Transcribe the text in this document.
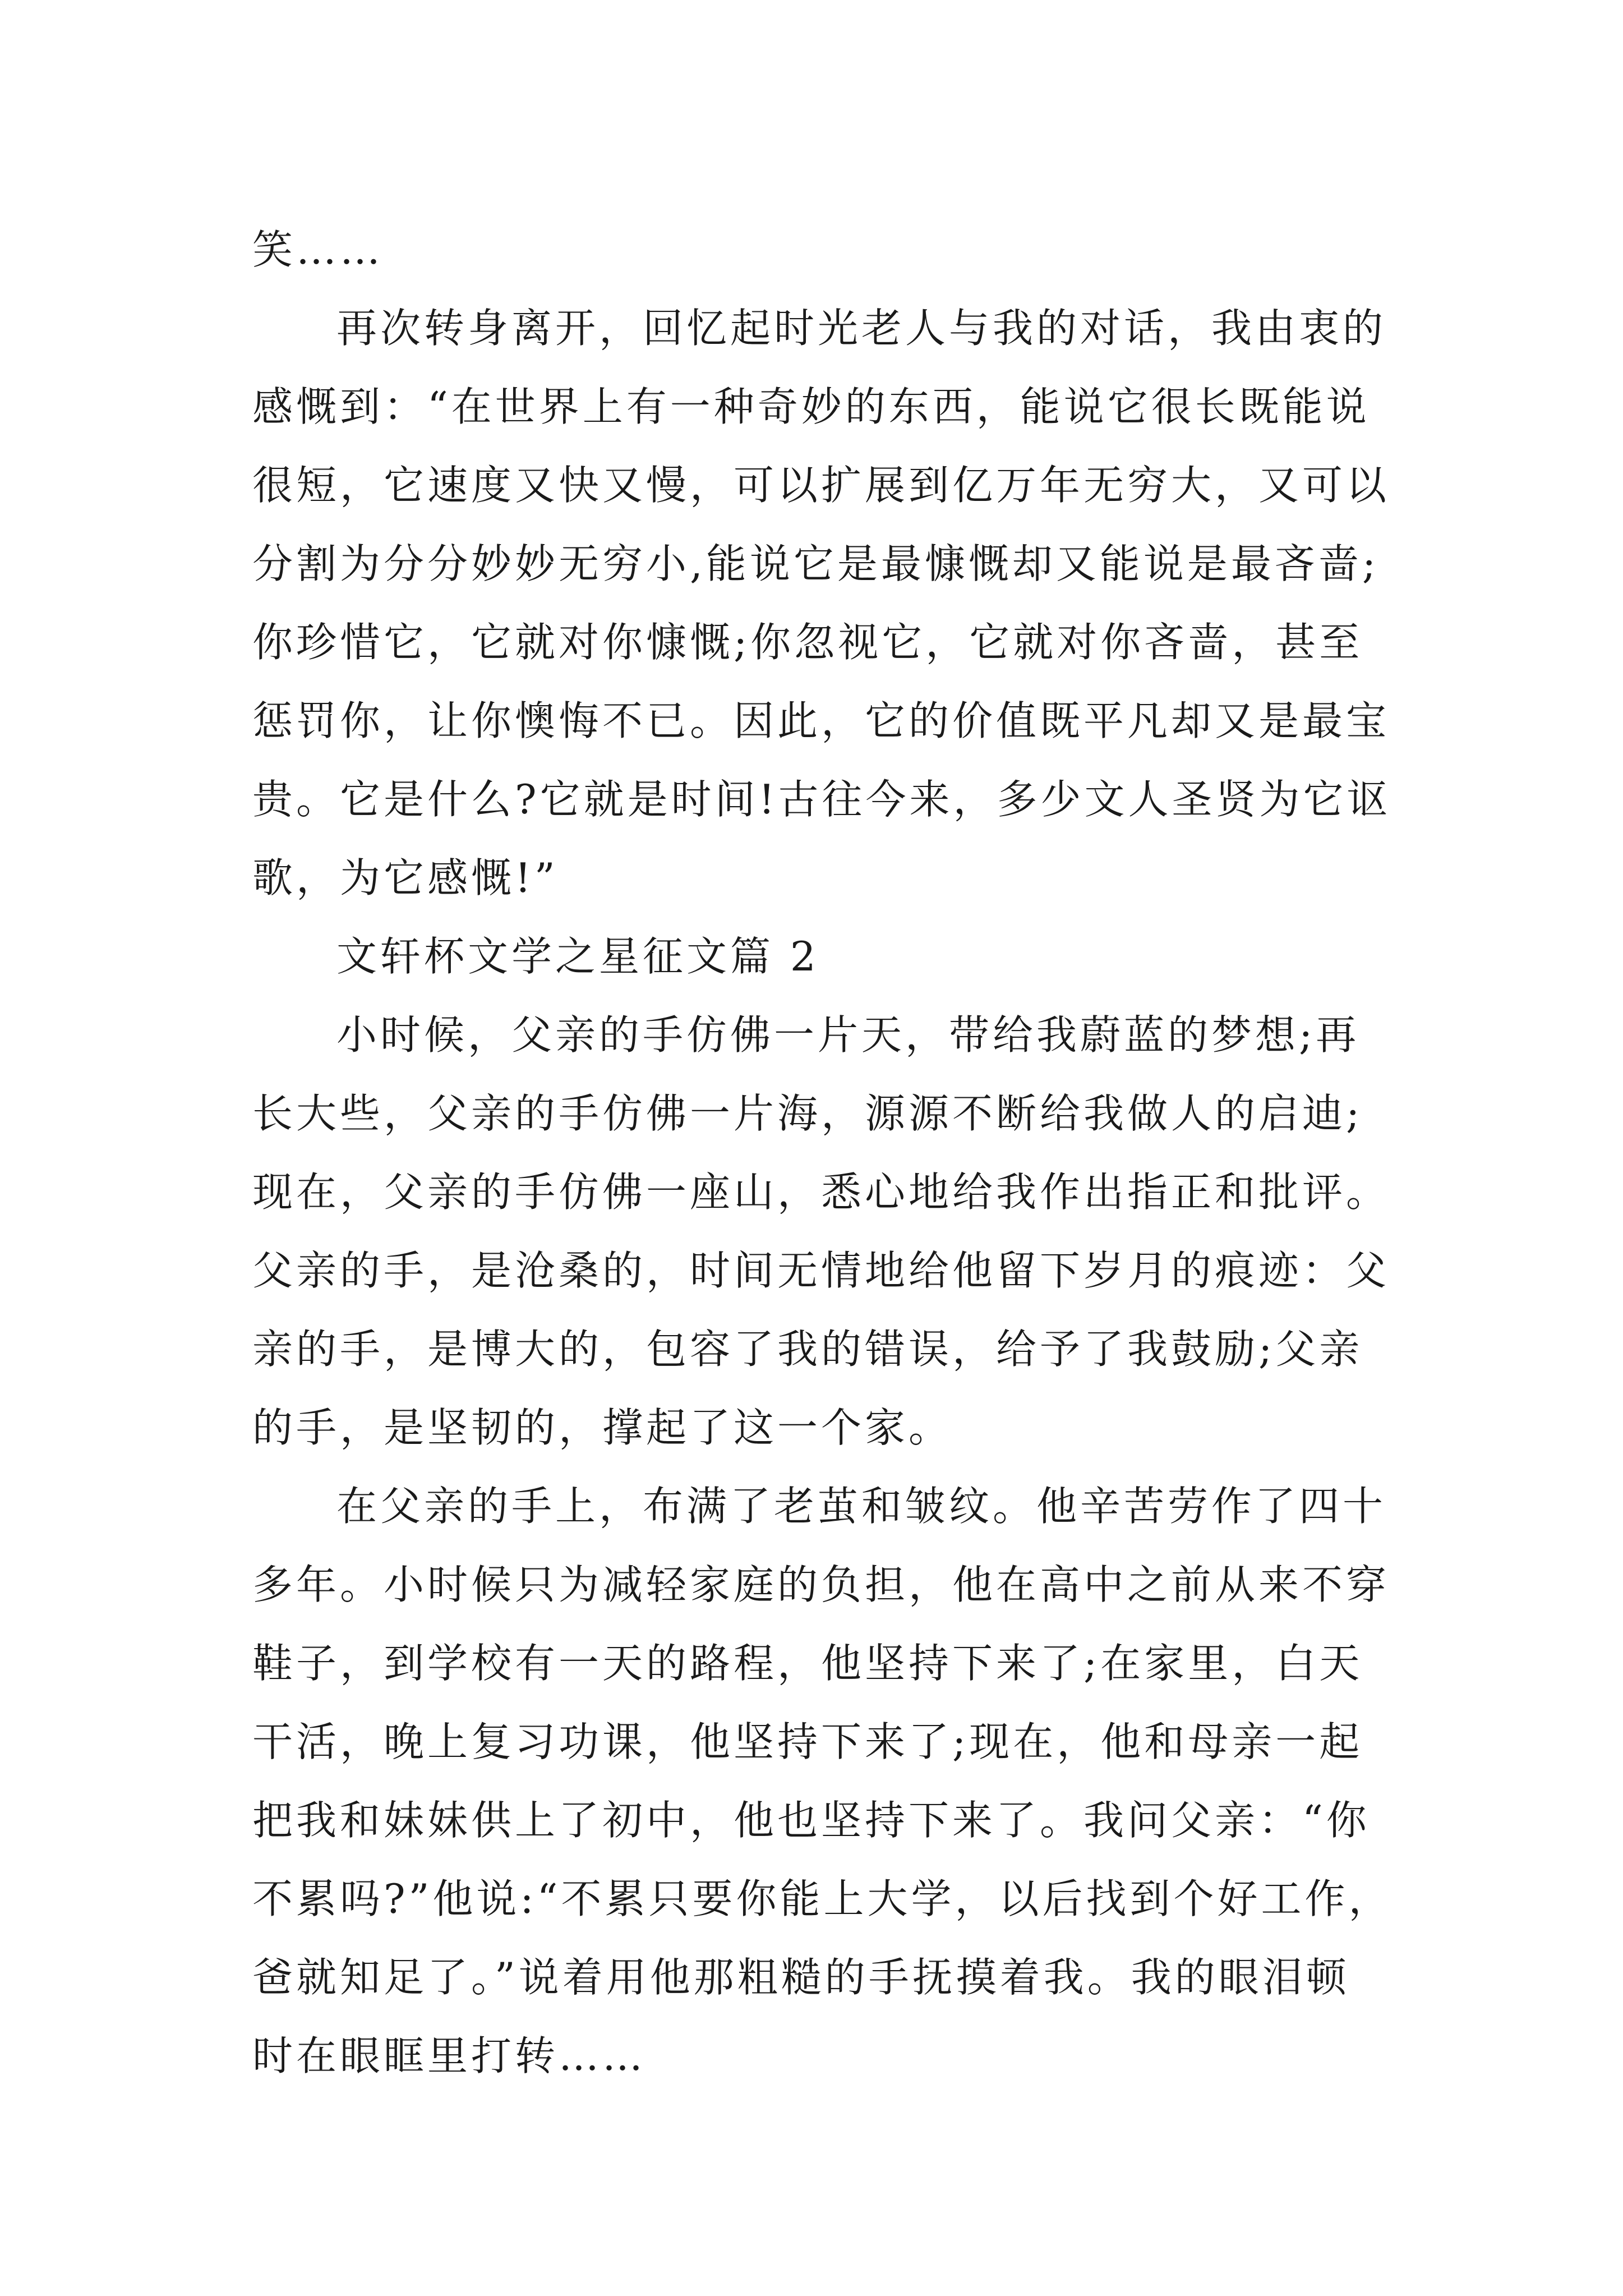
笑……
再次转身离开，回忆起时光老人与我的对话，我由衷的
感慨到：“在世界上有一种奇妙的东西，能说它很长既能说
很短，它速度又快又慢，可以扩展到亿万年无穷大，又可以
分割为分分妙妙无穷小,能说它是最慷慨却又能说是最吝啬;
你珍惜它，它就对你慷慨;你忽视它，它就对你吝啬，甚至
惩罚你，让你懊悔不已。因此，它的价值既平凡却又是最宝
贵。它是什么?它就是时间!古往今来，多少文人圣贤为它讴
歌，为它感慨!”
文轩杯文学之星征文篇 2
小时候，父亲的手仿佛一片天，带给我蔚蓝的梦想;再
长大些，父亲的手仿佛一片海，源源不断给我做人的启迪;
现在，父亲的手仿佛一座山，悉心地给我作出指正和批评。
父亲的手，是沧桑的，时间无情地给他留下岁月的痕迹：父
亲的手，是博大的，包容了我的错误，给予了我鼓励;父亲
的手，是坚韧的，撑起了这一个家。
在父亲的手上，布满了老茧和皱纹。他辛苦劳作了四十
多年。小时候只为减轻家庭的负担，他在高中之前从来不穿
鞋子，到学校有一天的路程，他坚持下来了;在家里，白天
干活，晚上复习功课，他坚持下来了;现在，他和母亲一起
把我和妹妹供上了初中，他也坚持下来了。我问父亲：“你
不累吗?”他说:“不累只要你能上大学，以后找到个好工作，
爸就知足了。”说着用他那粗糙的手抚摸着我。我的眼泪顿
时在眼眶里打转……
